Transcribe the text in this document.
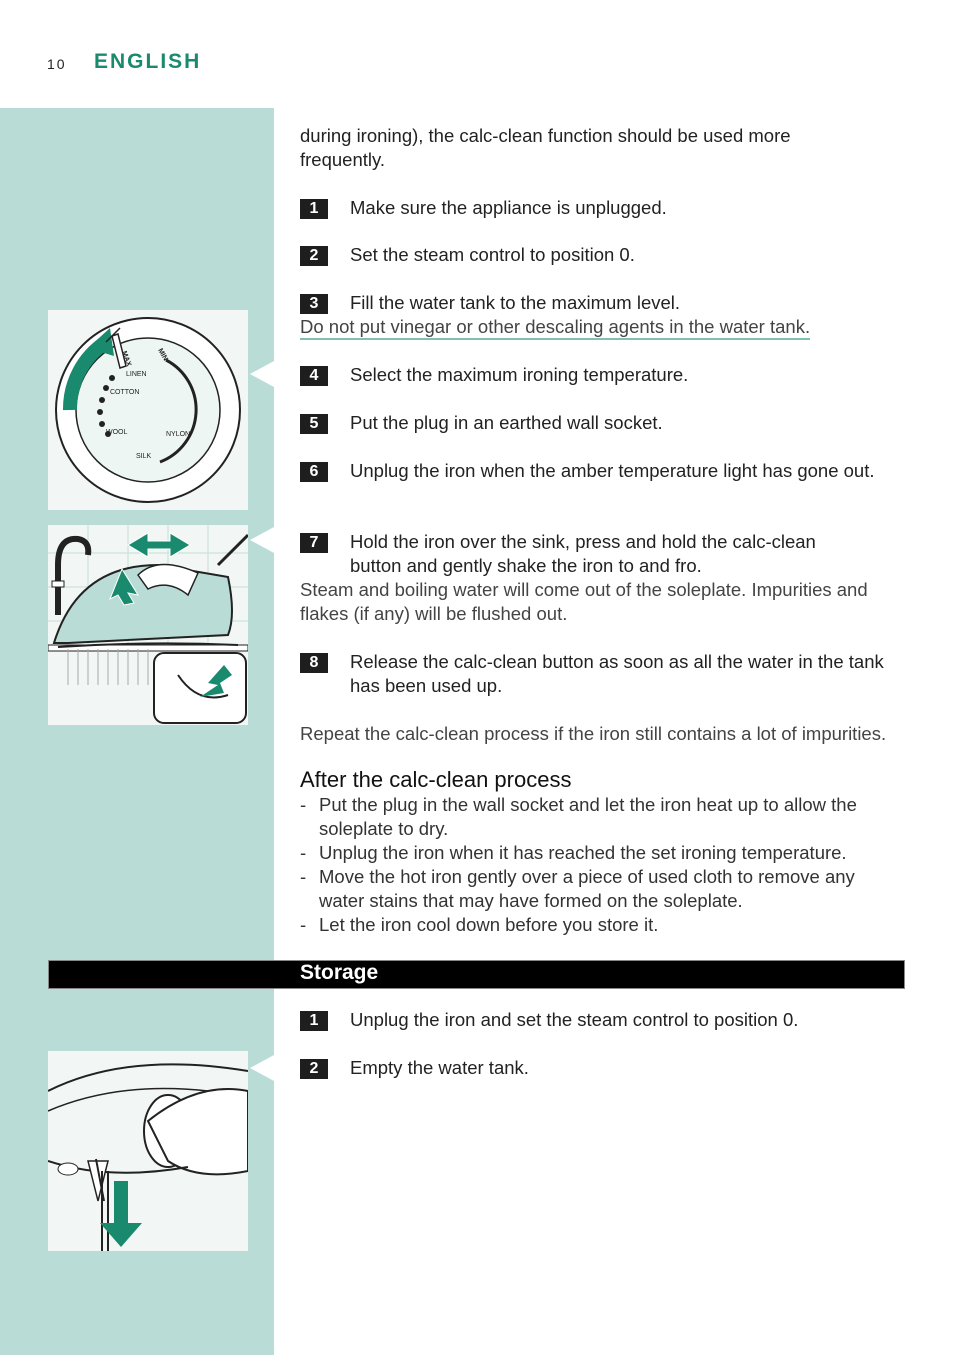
10 ENGLISH
MAX	MIN
LINEN
COTTON
WOOL	NYLON
SILK
during ironing), the calc-clean function should be used more frequently.
1	Make sure the appliance is unplugged.
2	Set the steam control to position 0.
3	Fill the water tank to the maximum level.
Do not put vinegar or other descaling agents in the water tank.
4	Select the maximum ironing temperature.
5	Put the plug in an earthed wall socket.
6	Unplug the iron when the amber temperature light has gone out.
7	Hold the iron over the sink, press and hold the calc-clean button and gently shake the iron to and fro.
Steam and boiling water will come out of the soleplate. Impurities and flakes (if any) will be flushed out.
8	Release the calc-clean button as soon as all the water in the tank has been used up.
Repeat the calc-clean process if the iron still contains a lot of impurities.
After the calc-clean process
- Put the plug in the wall socket and let the iron heat up to allow the soleplate to dry.
- Unplug the iron when it has reached the set ironing temperature.
- Move the hot iron gently over a piece of used cloth to remove any water stains that may have formed on the soleplate.
- Let the iron cool down before you store it.
Storage
1	Unplug the iron and set the steam control to position 0.
2	Empty the water tank.
